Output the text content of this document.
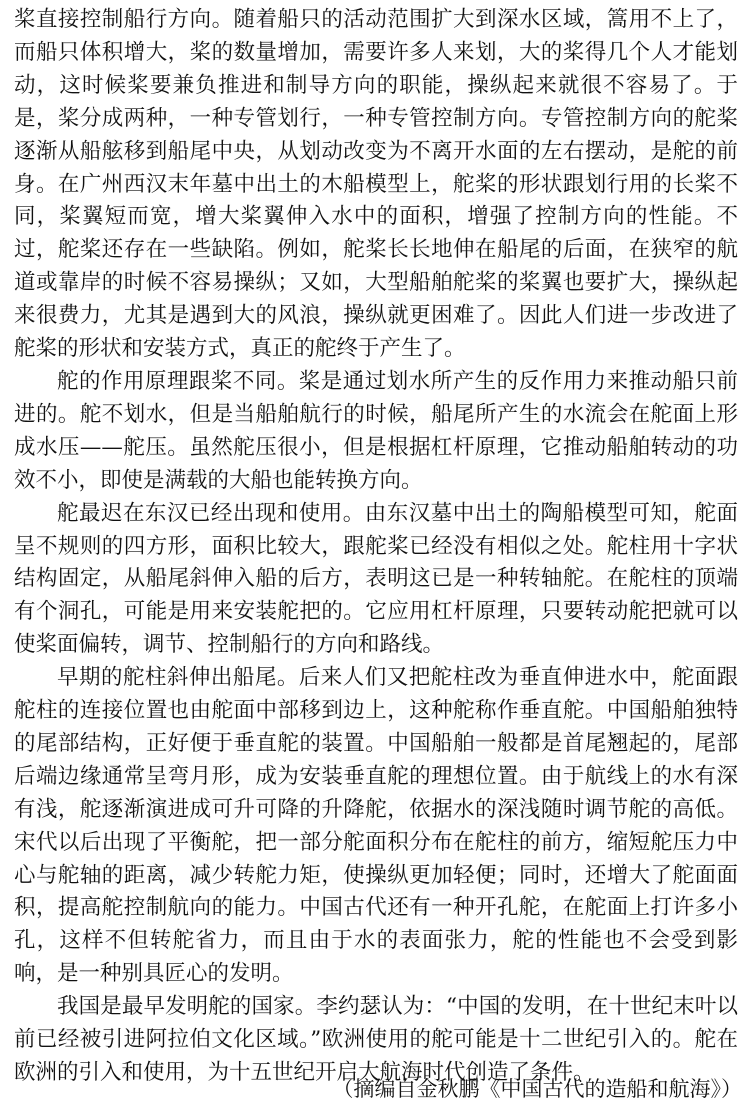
桨直接控制船行方向。随着船只的活动范围扩大到深水区域，篙用不上了，而船只体积增大，桨的数量增加，需要许多人来划，大的桨得几个人才能划动，这时候桨要兼负推进和制导方向的职能，操纵起来就很不容易了。于是，桨分成两种，一种专管划行，一种专管控制方向。专管控制方向的舵桨逐渐从船舷移到船尾中央，从划动改变为不离开水面的左右摆动，是舵的前身。在广州西汉末年墓中出土的木船模型上，舵桨的形状跟划行用的长桨不同，桨翼短而宽，增大桨翼伸入水中的面积，增强了控制方向的性能。不过，舵桨还存在一些缺陷。例如，舵桨长长地伸在船尾的后面，在狭窄的航道或靠岸的时候不容易操纵；又如，大型船舶舵桨的桨翼也要扩大，操纵起来很费力，尤其是遇到大的风浪，操纵就更困难了。因此人们进一步改进了舵桨的形状和安装方式，真正的舵终于产生了。

舵的作用原理跟桨不同。桨是通过划水所产生的反作用力来推动船只前进的。舵不划水，但是当船舶航行的时候，船尾所产生的水流会在舵面上形成水压——舵压。虽然舵压很小，但是根据杠杆原理，它推动船舶转动的功效不小，即使是满载的大船也能转换方向。

舵最迟在东汉已经出现和使用。由东汉墓中出土的陶船模型可知，舵面呈不规则的四方形，面积比较大，跟舵桨已经没有相似之处。舵柱用十字状结构固定，从船尾斜伸入船的后方，表明这已是一种转轴舵。在舵柱的顶端有个洞孔，可能是用来安装舵把的。它应用杠杆原理，只要转动舵把就可以使桨面偏转，调节、控制船行的方向和路线。

早期的舵柱斜伸出船尾。后来人们又把舵柱改为垂直伸进水中，舵面跟舵柱的连接位置也由舵面中部移到边上，这种舵称作垂直舵。中国船舶独特的尾部结构，正好便于垂直舵的装置。中国船舶一般都是首尾翘起的，尾部后端边缘通常呈弯月形，成为安装垂直舵的理想位置。由于航线上的水有深有浅，舵逐渐演进成可升可降的升降舵，依据水的深浅随时调节舵的高低。宋代以后出现了平衡舵，把一部分舵面积分布在舵柱的前方，缩短舵压力中心与舵轴的距离，减少转舵力矩，使操纵更加轻便；同时，还增大了舵面面积，提高舵控制航向的能力。中国古代还有一种开孔舵，在舵面上打许多小孔，这样不但转舵省力，而且由于水的表面张力，舵的性能也不会受到影响，是一种别具匠心的发明。

我国是最早发明舵的国家。李约瑟认为：“中国的发明，在十世纪末叶以前已经被引进阿拉伯文化区域。”欧洲使用的舵可能是十二世纪引入的。舵在欧洲的引入和使用，为十五世纪开启大航海时代创造了条件。

（摘编自金秋鹏《中国古代的造船和航海》）
